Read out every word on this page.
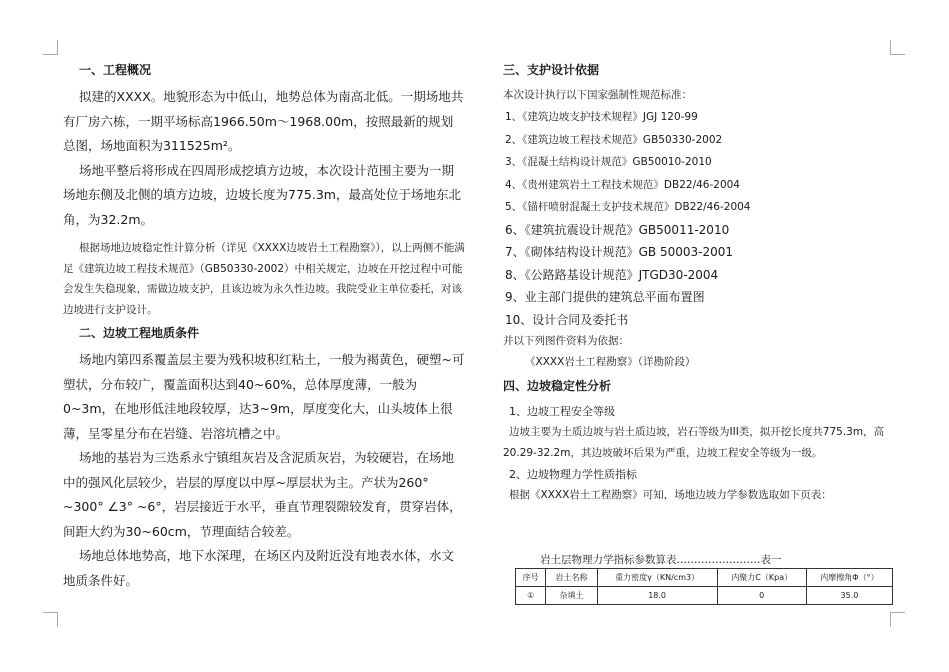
一、工程概况

拟建的XXXX。地貌形态为中低山，地势总体为南高北低。一期场地共有厂房六栋，一期平场标高1966.50m～1968.00m，按照最新的规划总图，场地面积为311525m²。

场地平整后将形成在四周形成挖填方边坡，本次设计范围主要为一期场地东侧及北侧的填方边坡，边坡长度为775.3m，最高处位于场地东北角，为32.2m。

根据场地边坡稳定性计算分析（详见《XXXX边坡岩土工程勘察》），以上两侧不能满足《建筑边坡工程技术规范》（GB50330-2002）中相关规定，边坡在开挖过程中可能会发生失稳现象，需做边坡支护，且该边坡为永久性边坡。我院受业主单位委托，对该边坡进行支护设计。

二、边坡工程地质条件

场地内第四系覆盖层主要为残积坡积红粘土，一般为褐黄色，硬塑~可塑状，分布较广，覆盖面积达到40~60%，总体厚度薄，一般为0~3m，在地形低洼地段较厚，达3~9m，厚度变化大，山头坡体上很薄，呈零星分布在岩缝、岩溶坑槽之中。

场地的基岩为三迭系永宁镇组灰岩及含泥质灰岩，为较硬岩，在场地中的强风化层较少，岩层的厚度以中厚~厚层状为主。产状为260° ~300° ∠3° ~6°，岩层接近于水平，垂直节理裂隙较发育，贯穿岩体，间距大约为30~60cm，节理面结合较差。

场地总体地势高，地下水深理，在场区内及附近没有地表水体，水文地质条件好。

三、支护设计依据

本次设计执行以下国家强制性规范标准：

1、《建筑边坡支护技术规程》JGJ 120-99

2、《建筑边坡工程技术规范》GB50330-2002

3、《混凝土结构设计规范》GB50010-2010

4、《贵州建筑岩土工程技术规范》DB22/46-2004

5、《锚杆喷射混凝土支护技术规范》DB22/46-2004

6、《建筑抗震设计规范》GB50011-2010

7、《砌体结构设计规范》GB 50003-2001

8、《公路路基设计规范》JTGD30-2004

9、业主部门提供的建筑总平面布置图

10、设计合同及委托书

并以下列图件资料为依据：

《XXXX岩土工程勘察》（详勘阶段）

四、边坡稳定性分析

1、边坡工程安全等级

边坡主要为土质边坡与岩土质边坡，岩石等级为III类，拟开挖长度共775.3m，高20.29-32.2m，其边坡破坏后果为严重，边坡工程安全等级为一级。

2、边坡物理力学性质指标

根据《XXXX岩土工程勘察》可知，场地边坡力学参数选取如下页表：

岩土层物理力学指标参数算表……………………表一
序号	岩土名称	重力密度γ（KN/cm3）	内聚力C（Kpa）	内摩擦角Φ（°）
①	杂填土	18.0	0	35.0
